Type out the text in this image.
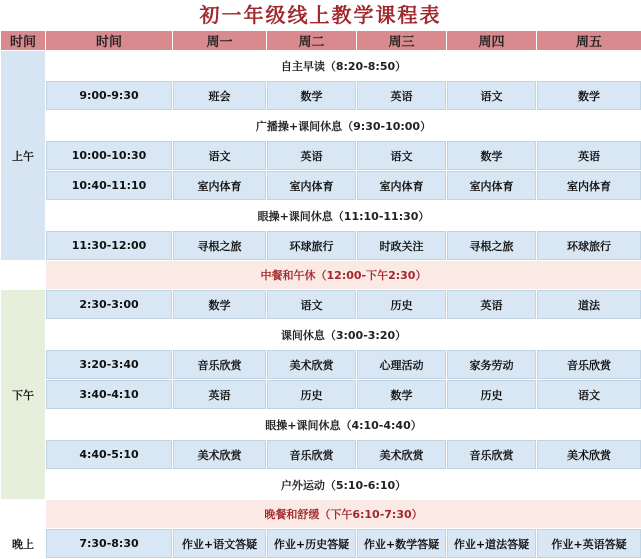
初一年级线上教学课程表
时间	时间	周一	周二	周三	周四	周五
上午	自主早读（8:20-8:50）					
	9:00-9:30	班会	数学	英语	语文	数学
	广播操+课间休息（9:30-10:00）					
	10:00-10:30	语文	英语	语文	数学	英语
	10:40-11:10	室内体育	室内体育	室内体育	室内体育	室内体育
	眼操+课间休息（11:10-11:30）					
	11:30-12:00	寻根之旅	环球旅行	时政关注	寻根之旅	环球旅行
	中餐和午休（12:00-下午2:30）					
下午	2:30-3:00	数学	语文	历史	英语	道法
	课间休息（3:00-3:20）					
	3:20-3:40	音乐欣赏	美术欣赏	心理活动	家务劳动	音乐欣赏
	3:40-4:10	英语	历史	数学	历史	语文
	眼操+课间休息（4:10-4:40）					
	4:40-5:10	美术欣赏	音乐欣赏	美术欣赏	音乐欣赏	美术欣赏
	户外运动（5:10-6:10）					
	晚餐和舒缓（下午6:10-7:30）					
晚上	7:30-8:30	作业+语文答疑	作业+历史答疑	作业+数学答疑	作业+道法答疑	作业+英语答疑
